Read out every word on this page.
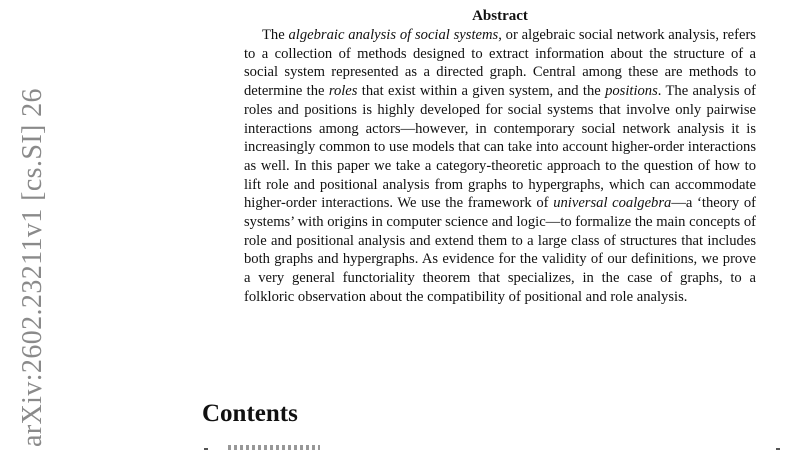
arXiv:2602.23211v1 [cs.SI] 26
Abstract

The algebraic analysis of social systems, or algebraic social network analysis, refers to a collection of methods designed to extract information about the structure of a social system represented as a directed graph. Central among these are methods to determine the roles that exist within a given system, and the positions. The analysis of roles and positions is highly developed for social systems that involve only pairwise interactions among actors—however, in contemporary social network analysis it is increasingly common to use models that can take into account higher-order interactions as well. In this paper we take a category-theoretic approach to the question of how to lift role and positional analysis from graphs to hypergraphs, which can accommodate higher-order interactions. We use the framework of universal coalgebra—a ‘theory of systems’ with origins in computer science and logic—to formalize the main concepts of role and positional analysis and extend them to a large class of structures that includes both graphs and hypergraphs. As evidence for the validity of our definitions, we prove a very general functoriality theorem that specializes, in the case of graphs, to a folkloric observation about the compatibility of positional and role analysis.

Contents
